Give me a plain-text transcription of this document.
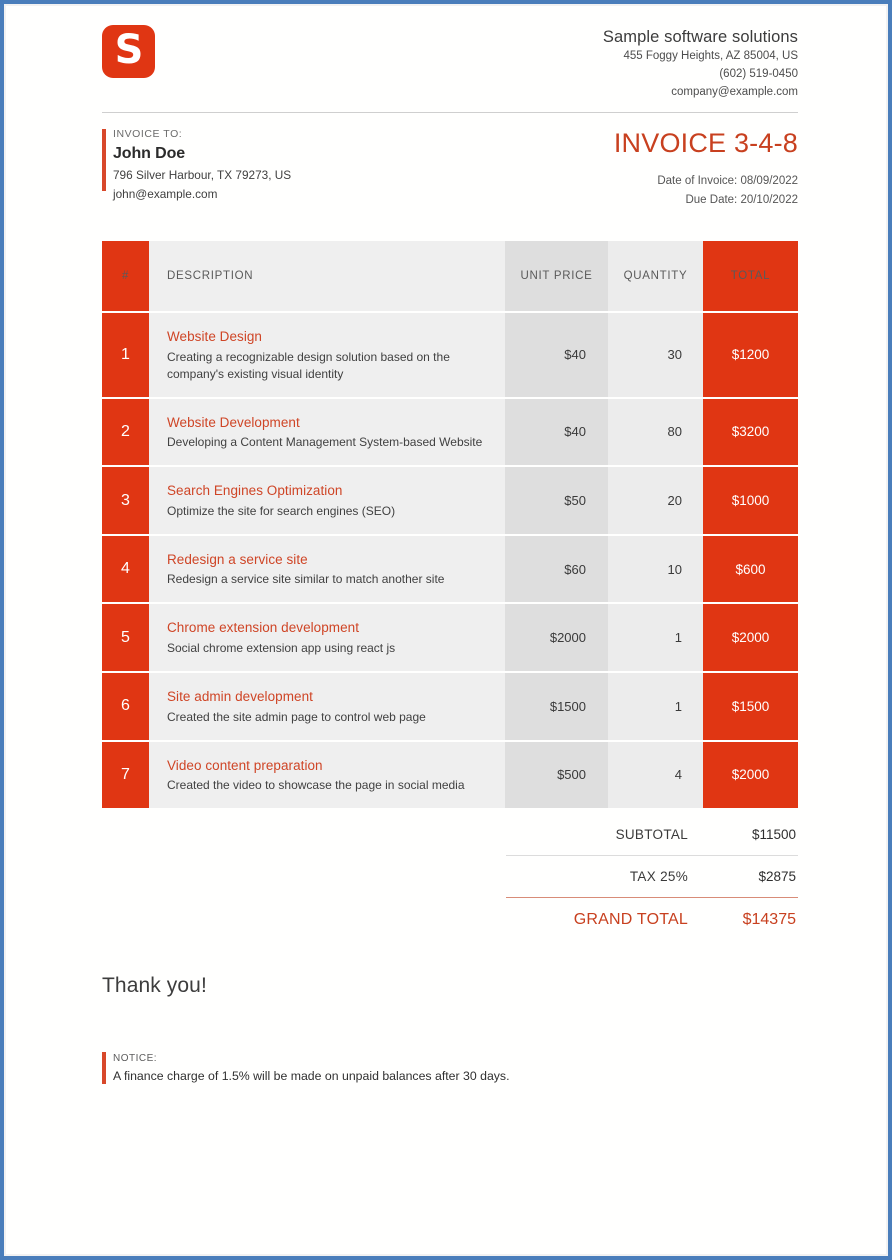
S	Sample software solutions
455 Foggy Heights, AZ 85004, US
(602) 519-0450
company@example.com
INVOICE TO:
John Doe
796 Silver Harbour, TX 79273, US
john@example.com
INVOICE 3-4-8
Date of Invoice: 08/09/2022
Due Date: 20/10/2022
#	DESCRIPTION	UNIT PRICE	QUANTITY	TOTAL
1	Website Design
Creating a recognizable design solution based on the company's existing visual identity	$40	30	$1200
2	Website Development
Developing a Content Management System-based Website	$40	80	$3200
3	Search Engines Optimization
Optimize the site for search engines (SEO)	$50	20	$1000
4	Redesign a service site
Redesign a service site similar to match another site	$60	10	$600
5	Chrome extension development
Social chrome extension app using react js	$2000	1	$2000
6	Site admin development
Created the site admin page to control web page	$1500	1	$1500
7	Video content preparation
Created the video to showcase the page in social media	$500	4	$2000
SUBTOTAL	$11500
TAX 25%	$2875
GRAND TOTAL	$14375
Thank you!
NOTICE:
A finance charge of 1.5% will be made on unpaid balances after 30 days.
